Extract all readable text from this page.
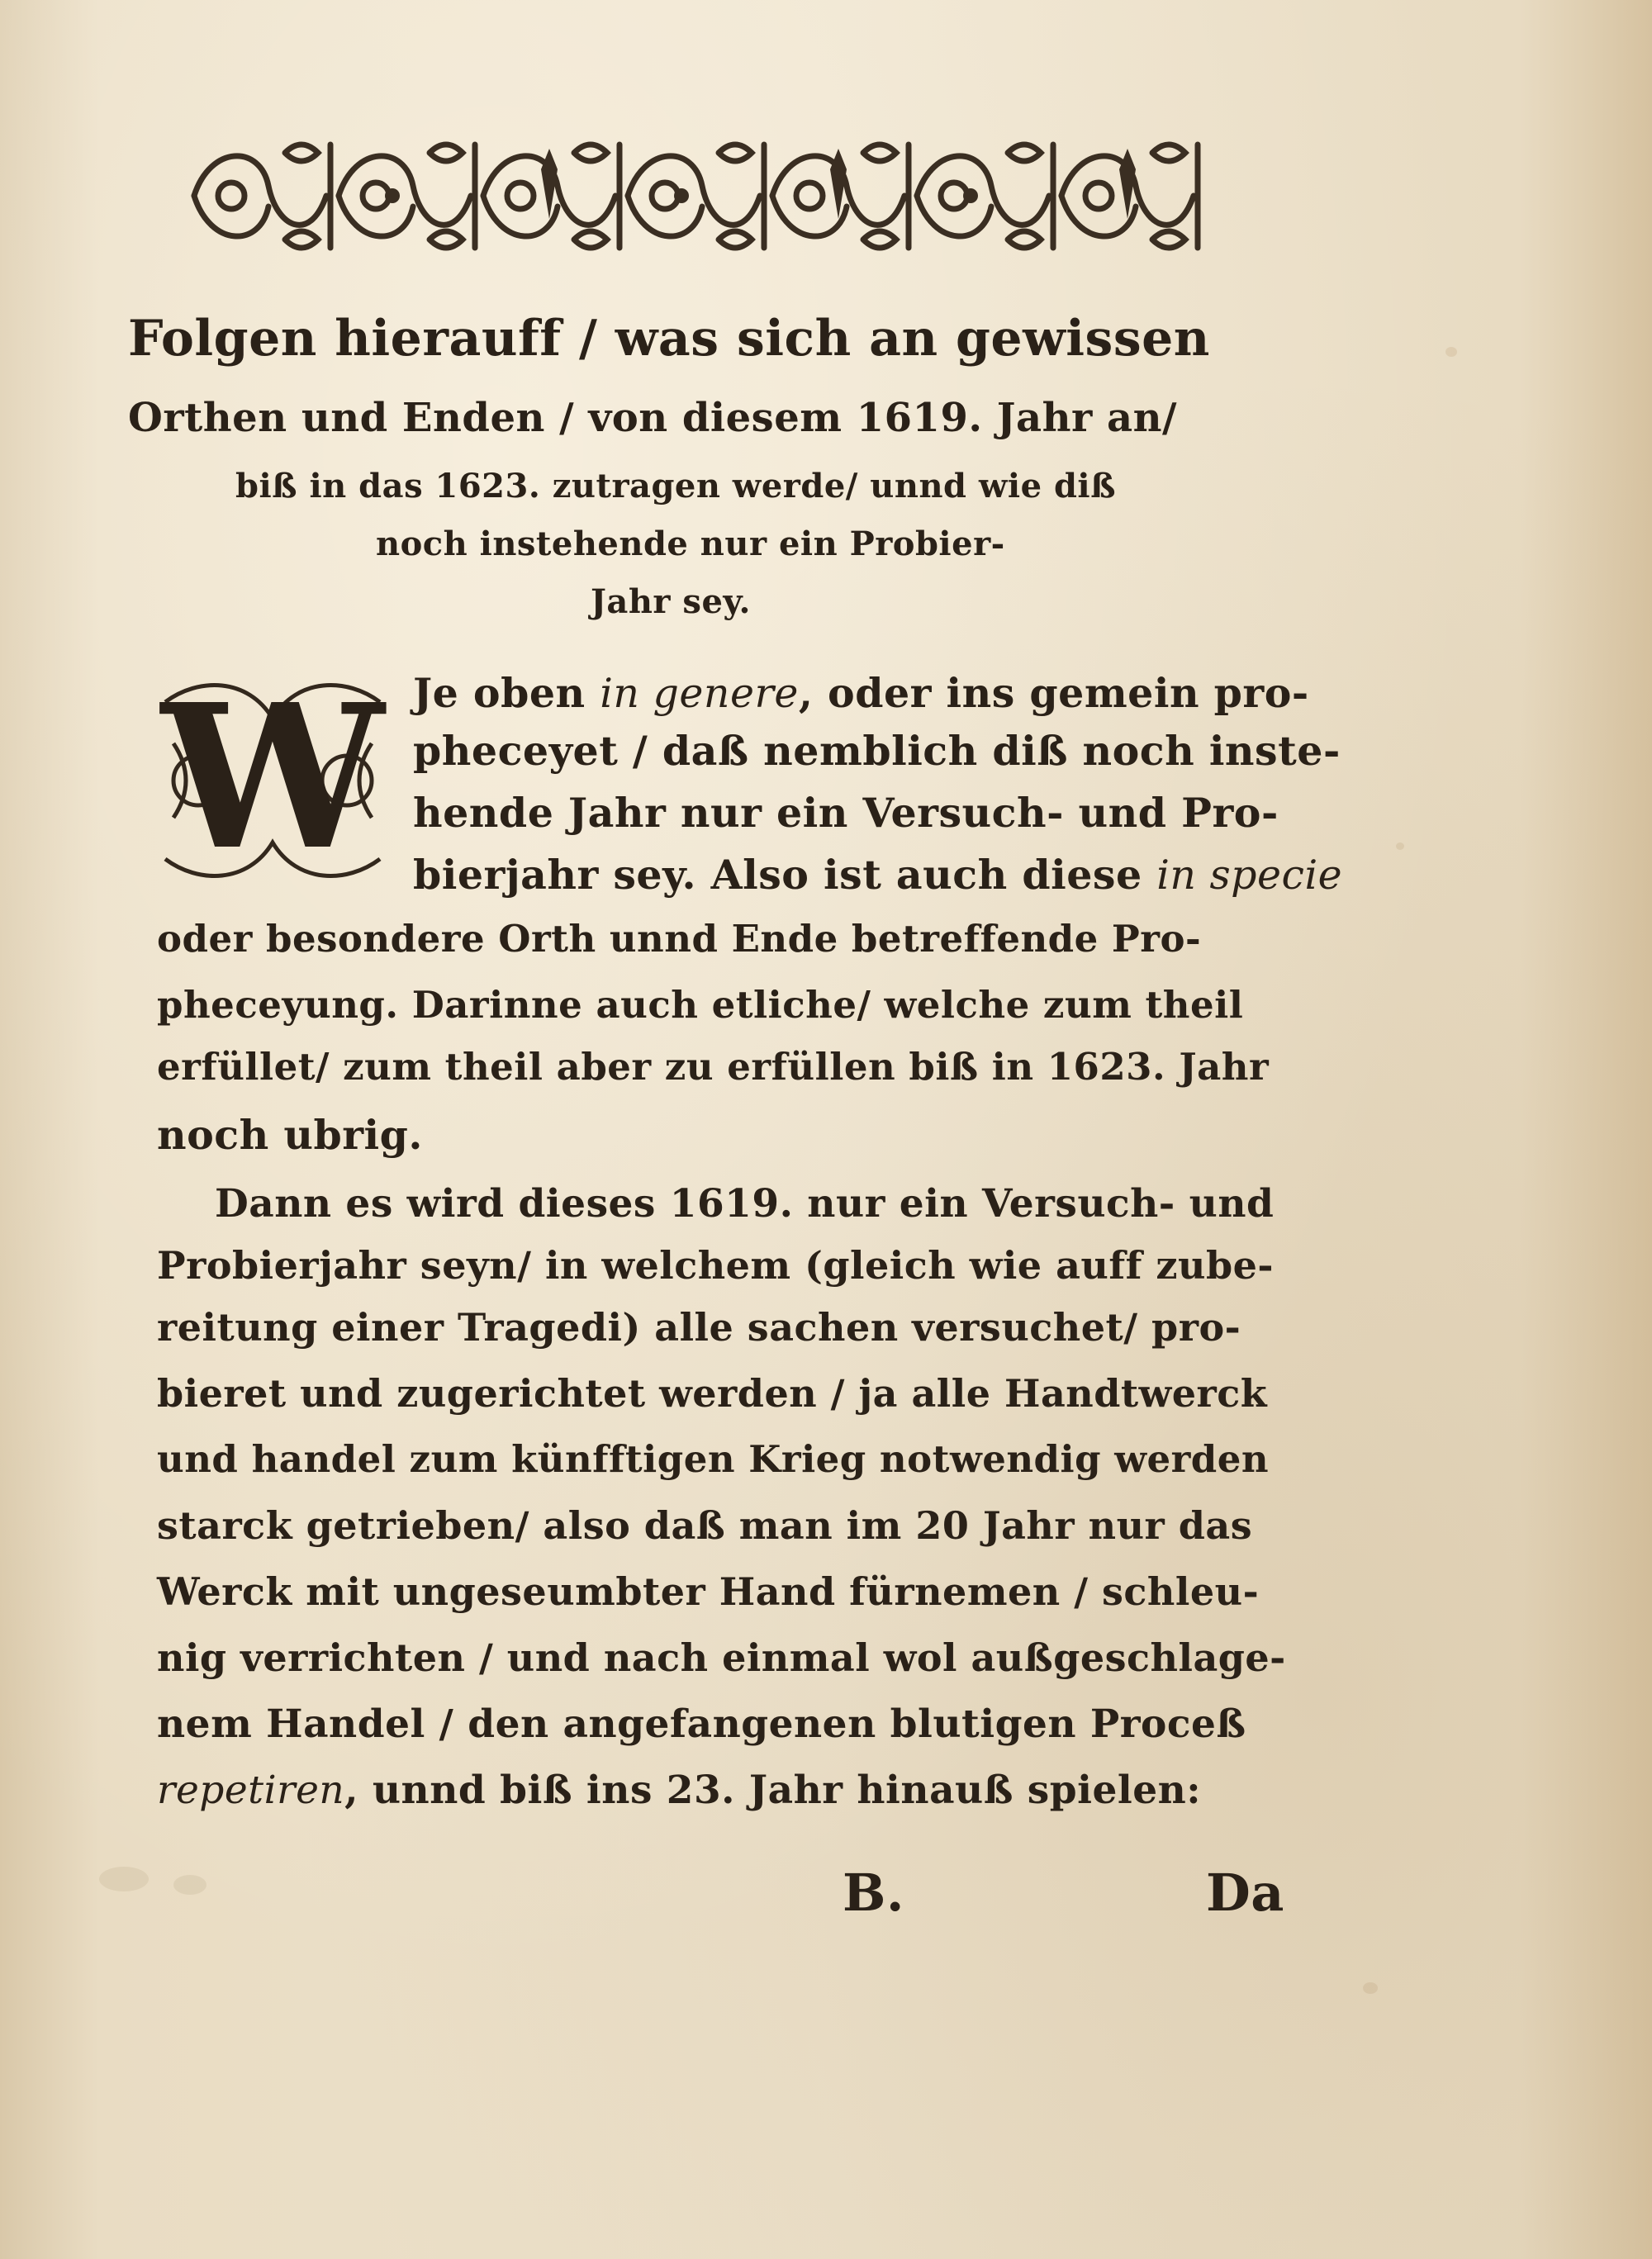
Folgen hierauff / was sich an gewissen
Orthen und Enden / von diesem 1619. Jahr an/
biß in das 1623. zutragen werde/ unnd wie diß
noch instehende nur ein Probier-
Jahr sey.
W Je oben in genere, oder ins gemein pro-
pheceyet / daß nemblich diß noch inste-
hende Jahr nur ein Versuch- und Pro-
bierjahr sey. Also ist auch diese in specie
oder besondere Orth unnd Ende betreffende Pro-
pheceyung. Darinne auch etliche/ welche zum theil
erfüllet/ zum theil aber zu erfüllen biß in 1623. Jahr
noch ubrig.
Dann es wird dieses 1619. nur ein Versuch- und
Probierjahr seyn/ in welchem (gleich wie auff zube-
reitung einer Tragedi) alle sachen versuchet/ pro-
bieret und zugerichtet werden / ja alle Handtwerck
und handel zum künfftigen Krieg notwendig werden
starck getrieben/ also daß man im 20 Jahr nur das
Werck mit ungeseumbter Hand fürnemen / schleu-
nig verrichten / und nach einmal wol außgeschlage-
nem Handel / den angefangenen blutigen Proceß
repetiren, unnd biß ins 23. Jahr hinauß spielen:
B.	Da
